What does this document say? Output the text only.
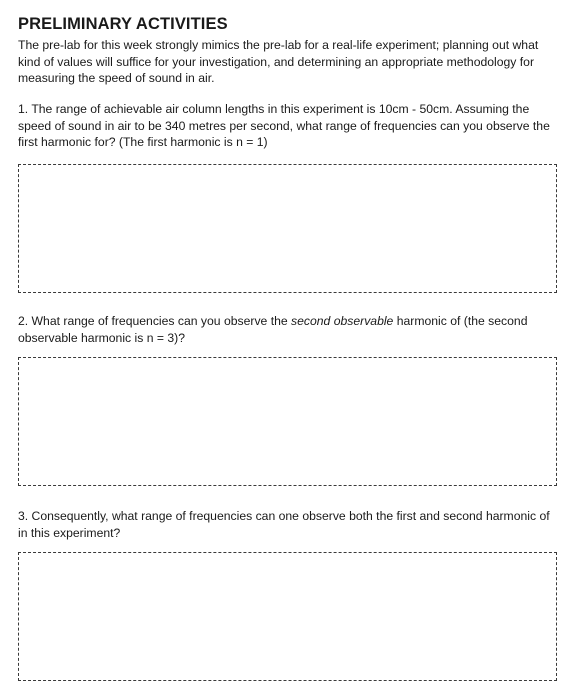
PRELIMINARY ACTIVITIES

The pre-lab for this week strongly mimics the pre-lab for a real-life experiment; planning out what kind of values will suffice for your investigation, and determining an appropriate methodology for measuring the speed of sound in air.

1. The range of achievable air column lengths in this experiment is 10cm - 50cm. Assuming the speed of sound in air to be 340 metres per second, what range of frequencies can you observe the first harmonic for? (The first harmonic is n = 1)

2. What range of frequencies can you observe the second observable harmonic of (the second observable harmonic is n = 3)?

3. Consequently, what range of frequencies can one observe both the first and second harmonic of in this experiment?
